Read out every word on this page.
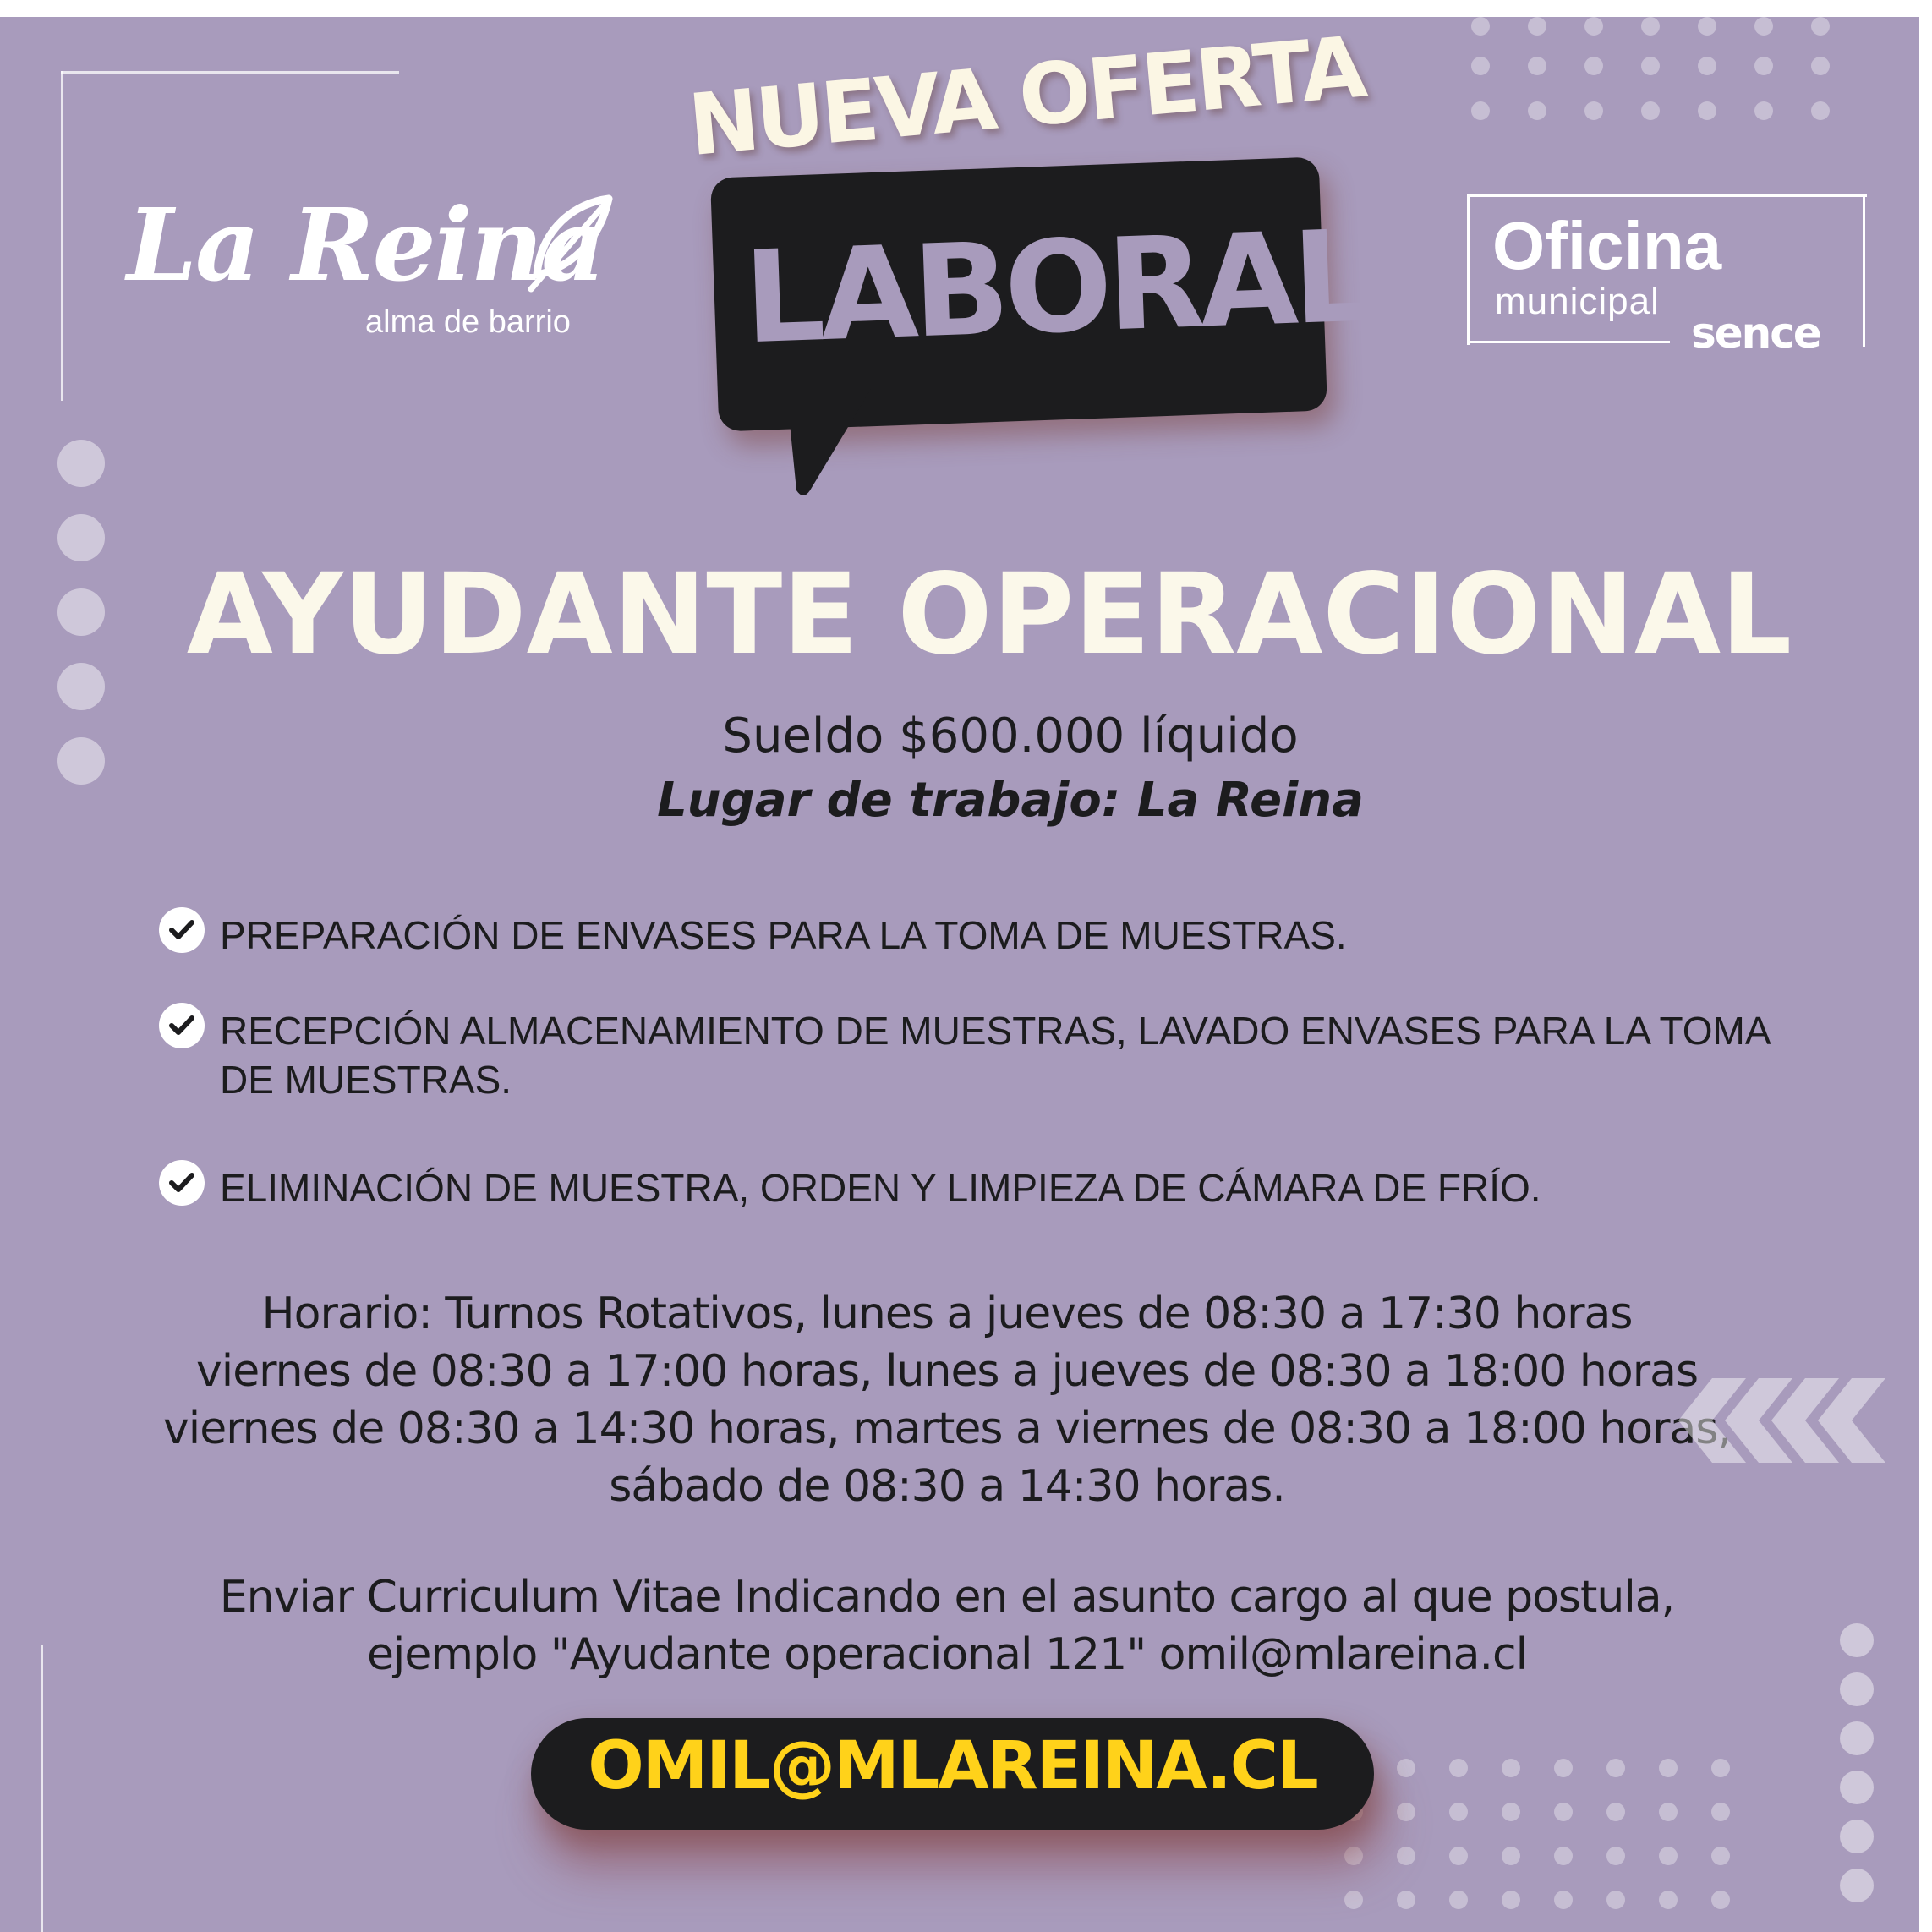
La Reina
alma de barrio
NUEVA OFERTA
LABORAL Oficina
municipal
sence
AYUDANTE OPERACIONAL
Sueldo $600.000 líquido
Lugar de trabajo: La Reina
PREPARACIÓN DE ENVASES PARA LA TOMA DE MUESTRAS.
RECEPCIÓN ALMACENAMIENTO DE MUESTRAS, LAVADO ENVASES PARA LA TOMA DE MUESTRAS.
ELIMINACIÓN DE MUESTRA, ORDEN Y LIMPIEZA DE CÁMARA DE FRÍO.
Horario: Turnos Rotativos, lunes a jueves de 08:30 a 17:30 horas
viernes de 08:30 a 17:00 horas, lunes a jueves de 08:30 a 18:00 horas
viernes de 08:30 a 14:30 horas, martes a viernes de 08:30 a 18:00 horas,
sábado de 08:30 a 14:30 horas.
Enviar Curriculum Vitae Indicando en el asunto cargo al que postula,
ejemplo "Ayudante operacional 121" omil@mlareina.cl
OMIL@MLAREINA.CL
